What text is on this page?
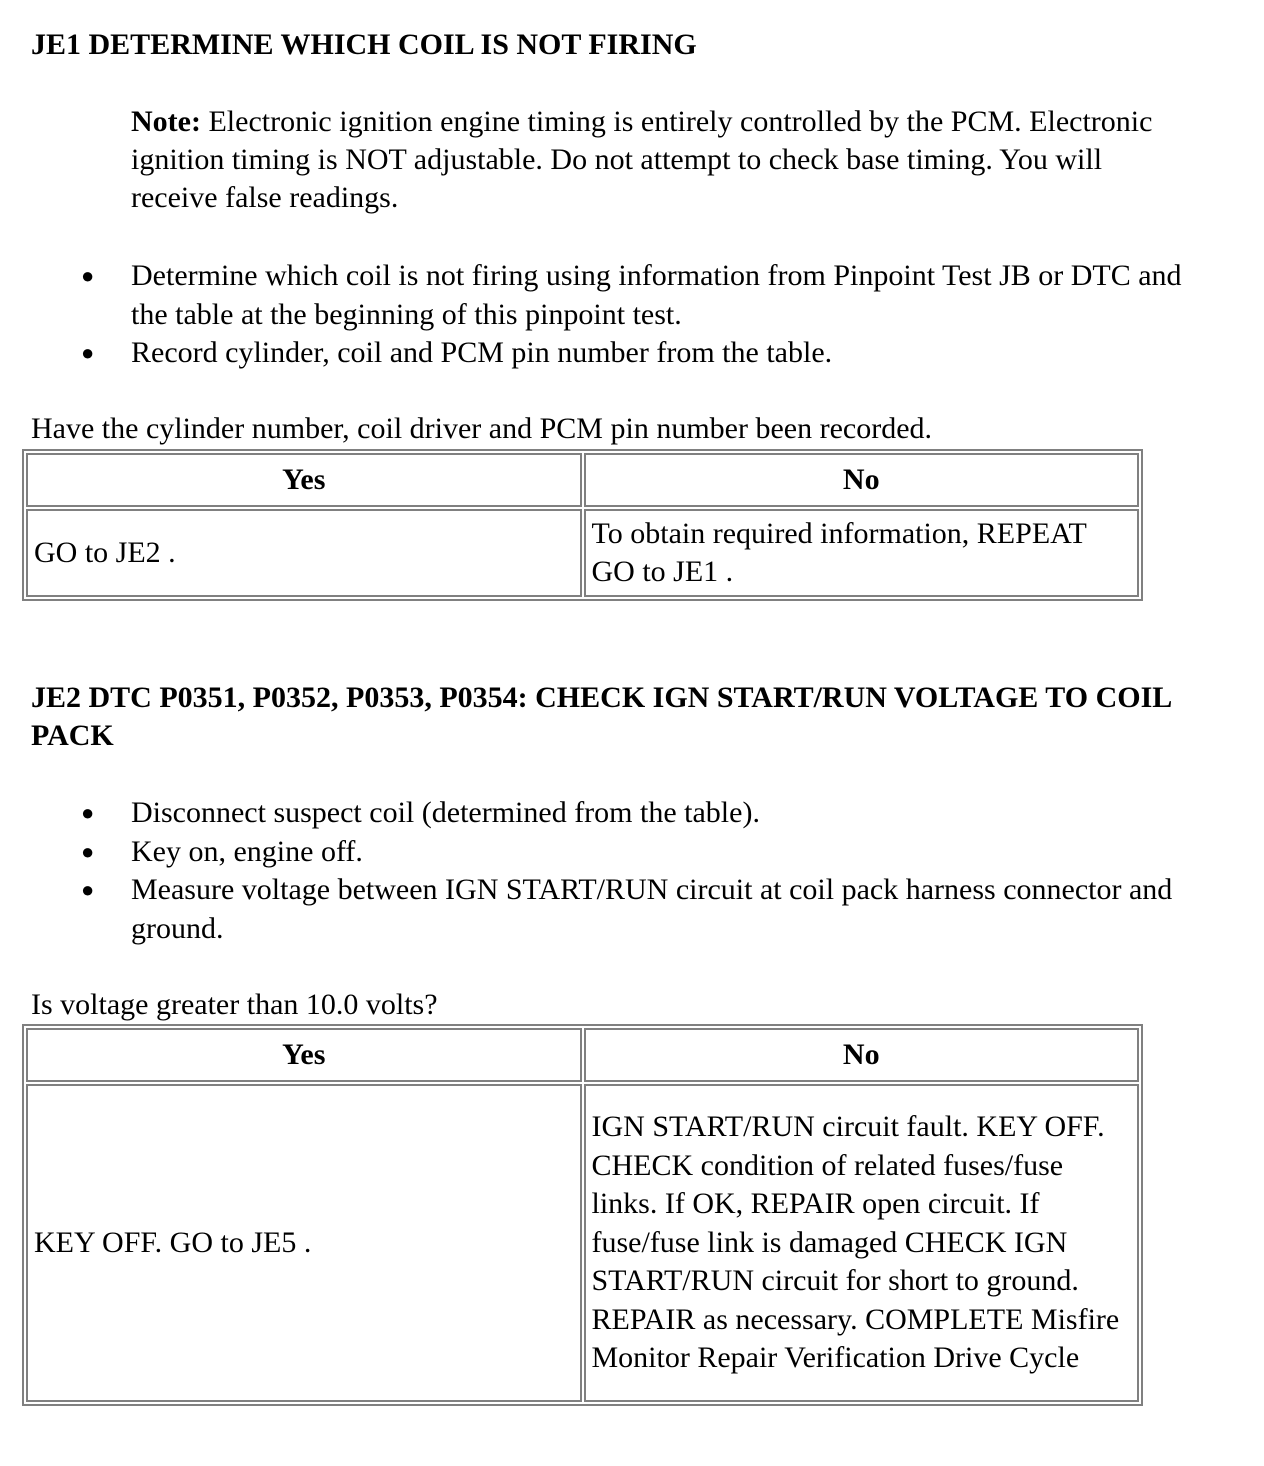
JE1 DETERMINE WHICH COIL IS NOT FIRING

Note: Electronic ignition engine timing is entirely controlled by the PCM. Electronic ignition timing is NOT adjustable. Do not attempt to check base timing. You will receive false readings.

● Determine which coil is not firing using information from Pinpoint Test JB or DTC and the table at the beginning of this pinpoint test.
● Record cylinder, coil and PCM pin number from the table.

Have the cylinder number, coil driver and PCM pin number been recorded.

Yes	No
GO to JE2 .	To obtain required information, REPEAT GO to JE1 .
JE2 DTC P0351, P0352, P0353, P0354: CHECK IGN START/RUN VOLTAGE TO COIL PACK
● Disconnect suspect coil (determined from the table).
● Key on, engine off.
● Measure voltage between IGN START/RUN circuit at coil pack harness connector and ground.

Is voltage greater than 10.0 volts?

Yes	No
KEY OFF. GO to JE5 .	IGN START/RUN circuit fault. KEY OFF. CHECK condition of related fuses/fuse links. If OK, REPAIR open circuit. If fuse/fuse link is damaged CHECK IGN START/RUN circuit for short to ground. REPAIR as necessary. COMPLETE Misfire Monitor Repair Verification Drive Cycle
